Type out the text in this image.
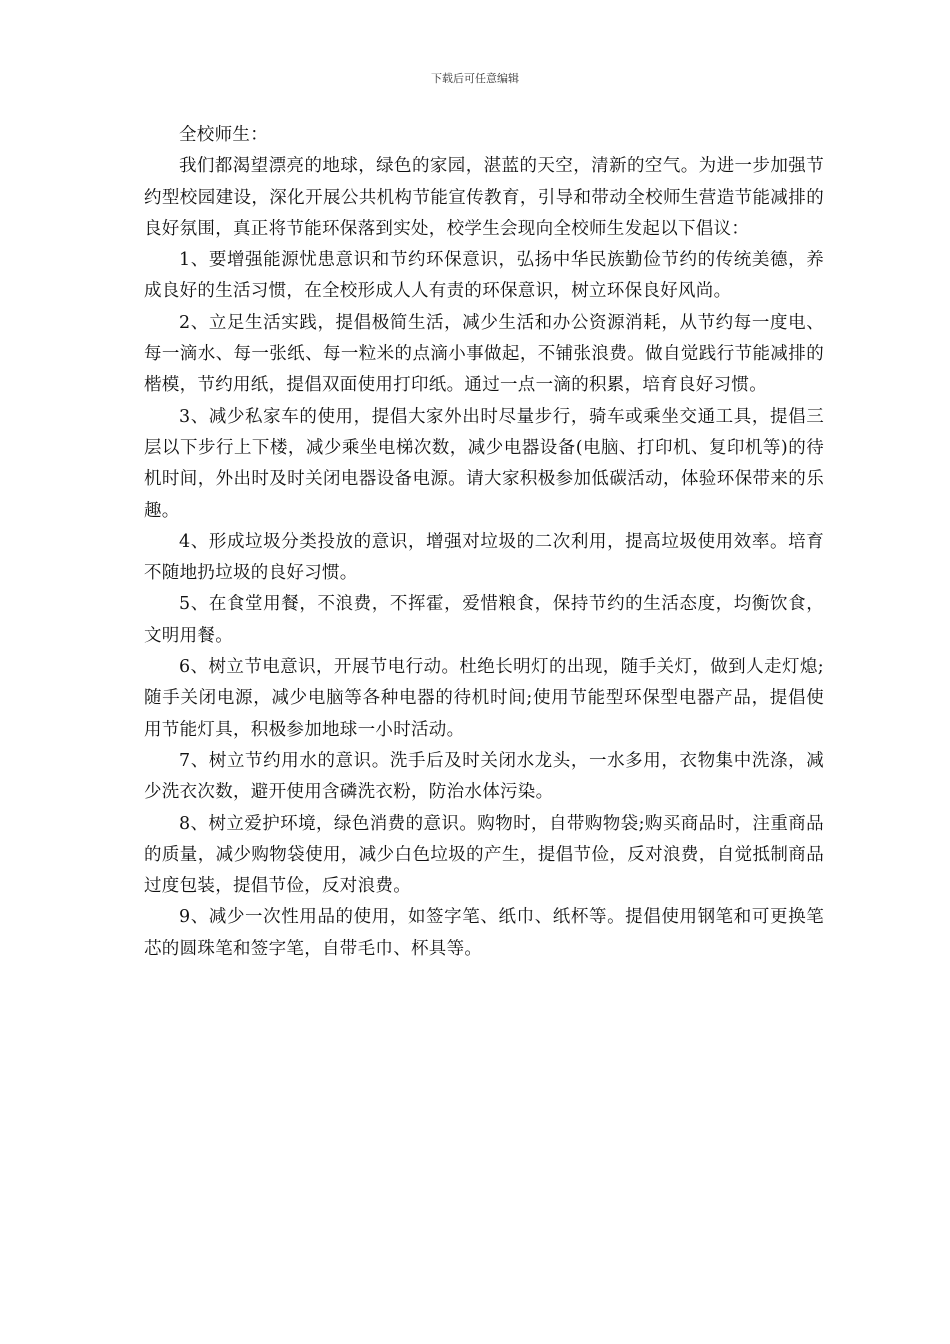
下载后可任意编辑

全校师生：

我们都渴望漂亮的地球，绿色的家园，湛蓝的天空，清新的空气。为进一步加强节约型校园建设，深化开展公共机构节能宣传教育，引导和带动全校师生营造节能减排的良好氛围，真正将节能环保落到实处，校学生会现向全校师生发起以下倡议：

1、要增强能源忧患意识和节约环保意识，弘扬中华民族勤俭节约的传统美德，养成良好的生活习惯，在全校形成人人有责的环保意识，树立环保良好风尚。

2、立足生活实践，提倡极简生活，减少生活和办公资源消耗，从节约每一度电、每一滴水、每一张纸、每一粒米的点滴小事做起，不铺张浪费。做自觉践行节能减排的楷模，节约用纸，提倡双面使用打印纸。通过一点一滴的积累，培育良好习惯。

3、减少私家车的使用，提倡大家外出时尽量步行，骑车或乘坐交通工具，提倡三层以下步行上下楼，减少乘坐电梯次数，减少电器设备(电脑、打印机、复印机等)的待机时间，外出时及时关闭电器设备电源。请大家积极参加低碳活动，体验环保带来的乐趣。

4、形成垃圾分类投放的意识，增强对垃圾的二次利用，提高垃圾使用效率。培育不随地扔垃圾的良好习惯。

5、在食堂用餐，不浪费，不挥霍，爱惜粮食，保持节约的生活态度，均衡饮食，文明用餐。

6、树立节电意识，开展节电行动。杜绝长明灯的出现，随手关灯，做到人走灯熄;随手关闭电源，减少电脑等各种电器的待机时间;使用节能型环保型电器产品，提倡使用节能灯具，积极参加地球一小时活动。

7、树立节约用水的意识。洗手后及时关闭水龙头，一水多用，衣物集中洗涤，减少洗衣次数，避开使用含磷洗衣粉，防治水体污染。

8、树立爱护环境，绿色消费的意识。购物时，自带购物袋;购买商品时，注重商品的质量，减少购物袋使用，减少白色垃圾的产生，提倡节俭，反对浪费，自觉抵制商品过度包装，提倡节俭，反对浪费。

9、减少一次性用品的使用，如签字笔、纸巾、纸杯等。提倡使用钢笔和可更换笔芯的圆珠笔和签字笔，自带毛巾、杯具等。
